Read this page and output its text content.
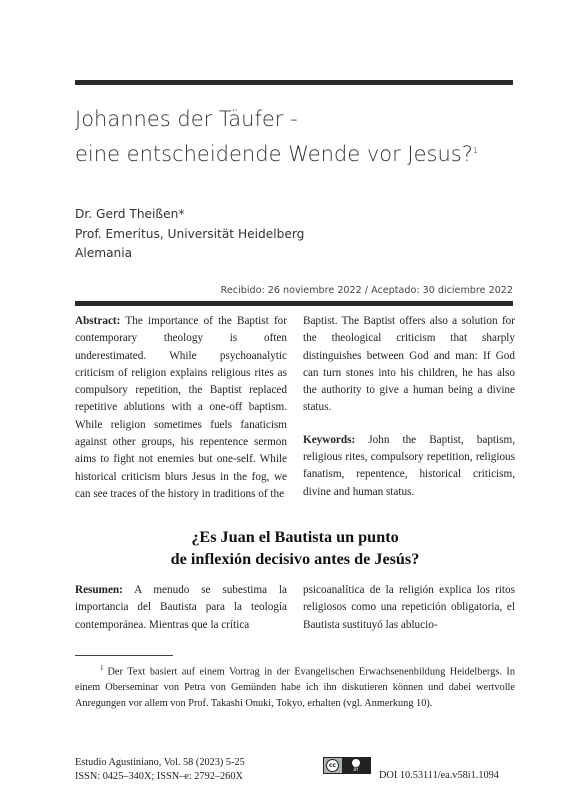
Johannes der Täufer -
eine entscheidende Wende vor Jesus?$^1$
Dr. Gerd Theißen*
Prof. Emeritus, Universität Heidelberg
Alemania
Recibido: 26 noviembre 2022 / Aceptado: 30 diciembre 2022

Abstract: The importance of the Baptist for contemporary theology is often underestimated. While psychoanalytic criticism of religion explains religious rites as compulsory repetition, the Baptist replaced repetitive ablutions with a one-off baptism. While religion sometimes fuels fanaticism against other groups, his repentence sermon aims to fight not enemies but one-self. While historical criticism blurs Jesus in the fog, we can see traces of the history in traditions of the

Baptist. The Baptist offers also a solution for the theological criticism that sharply distinguishes between God and man: If God can turn stones into his children, he has also the authority to give a human being a divine status.

Keywords: John the Baptist, baptism, religious rites, compulsory repetition, religious fanatism, repentence, historical criticism, divine and human status.

¿Es Juan el Bautista un punto
de inflexión decisivo antes de Jesús?

Resumen: A menudo se subestima la importancia del Bautista para la teología contemporánea. Mientras que la crítica

psicoanalítica de la religión explica los ritos religiosos como una repetición obligatoria, el Bautista sustituyó las ablucio-

$^1$ Der Text basiert auf einem Vortrag in der Evangelischen Erwachsenenbildung Heidelbergs. In einem Oberseminar von Petra von Gemünden habe ich ihn diskutieren können und dabei wertvolle Anregungen vor allem von Prof. Takashi Onuki, Tokyo, erhalten (vgl. Anmerkung 10).
Estudio Agustiniano, Vol. 58 (2023) 5-25
ISSN: 0425–340X; ISSN–e: 2792–260X
cc
BY
DOI 10.53111/ea.v58i1.1094
